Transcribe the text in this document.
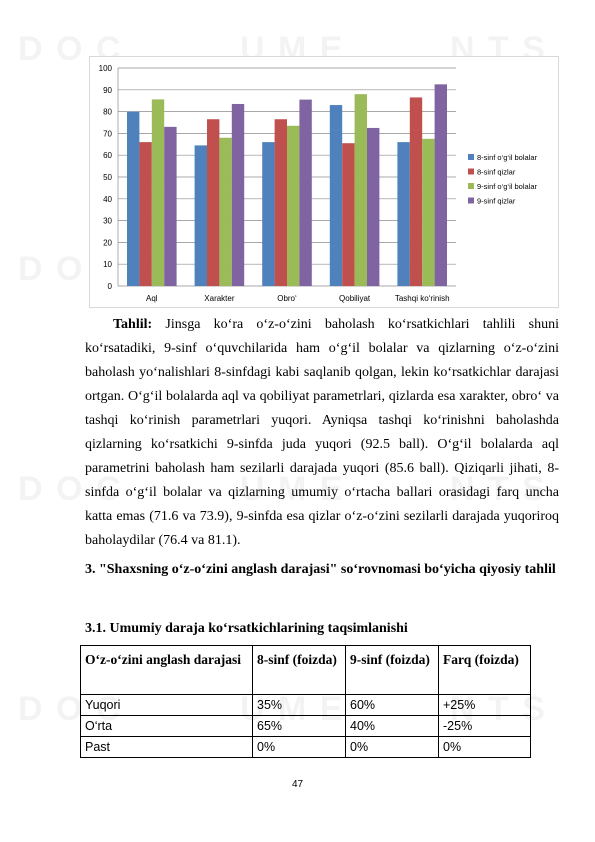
0
10
20
30
40
50
60
70
80
90
100
Aql	Xarakter	Obro‘	Qobiliyat	Tashqi ko‘rinish
8-sinf o‘g‘il bolalar
8-sinf qizlar
9-sinf o‘g‘il bolalar
9-sinf qizlar

Tahlil: Jinsga ko‘ra o‘z-o‘zini baholash ko‘rsatkichlari tahlili shuni ko‘rsatadiki, 9-sinf o‘quvchilarida ham o‘g‘il bolalar va qizlarning o‘z-o‘zini baholash yo‘nalishlari 8-sinfdagi kabi saqlanib qolgan, lekin ko‘rsatkichlar darajasi ortgan. O‘g‘il bolalarda aql va qobiliyat parametrlari, qizlarda esa xarakter, obro‘ va tashqi ko‘rinish parametrlari yuqori. Ayniqsa tashqi ko‘rinishni baholashda qizlarning ko‘rsatkichi 9-sinfda juda yuqori (92.5 ball). O‘g‘il bolalarda aql parametrini baholash ham sezilarli darajada yuqori (85.6 ball). Qiziqarli jihati, 8-sinfda o‘g‘il bolalar va qizlarning umumiy o‘rtacha ballari orasidagi farq uncha katta emas (71.6 va 73.9), 9-sinfda esa qizlar o‘z-o‘zini sezilarli darajada yuqoriroq baholaydilar (76.4 va 81.1).

3. "Shaxsning o‘z-o‘zini anglash darajasi" so‘rovnomasi bo‘yicha qiyosiy tahlil

3.1. Umumiy daraja ko‘rsatkichlarining taqsimlanishi

O‘z-o‘zini anglash darajasi	8-sinf (foizda)	9-sinf (foizda)	Farq (foizda)
Yuqori	35%	60%	+25%
O‘rta	65%	40%	-25%
Past	0%	0%	0%
47
